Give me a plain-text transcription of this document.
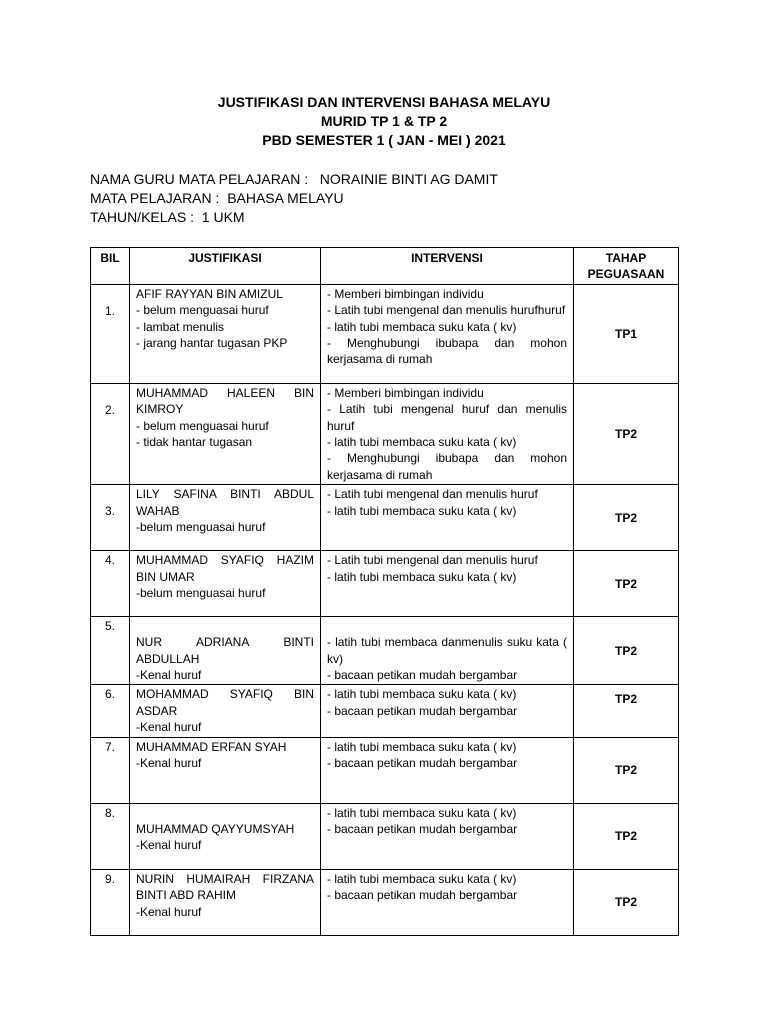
JUSTIFIKASI DAN INTERVENSI BAHASA MELAYU
MURID TP 1 & TP 2
PBD SEMESTER 1 ( JAN - MEI ) 2021
NAMA GURU MATA PELAJARAN : NORAINIE BINTI AG DAMIT
MATA PELAJARAN : BAHASA MELAYU
TAHUN/KELAS : 1 UKM
BIL	JUSTIFIKASI	INTERVENSI	TAHAP PEGUASAAN
1.	AFIF RAYYAN BIN AMIZUL
- belum menguasai huruf
- lambat menulis
- jarang hantar tugasan PKP	- Memberi bimbingan individu
- Latih tubi mengenal dan menulis hurufhuruf
- latih tubi membaca suku kata ( kv)
- Menghubungi ibubapa dan mohon kerjasama di rumah	TP1
2.	MUHAMMAD HALEEN BIN KIMROY
- belum menguasai huruf
- tidak hantar tugasan	- Memberi bimbingan individu
- Latih tubi mengenal huruf dan menulis huruf
- latih tubi membaca suku kata ( kv)
- Menghubungi ibubapa dan mohon kerjasama di rumah	TP2
3.	LILY SAFINA BINTI ABDUL WAHAB
-belum menguasai huruf	- Latih tubi mengenal dan menulis huruf
- latih tubi membaca suku kata ( kv)	TP2
4.	MUHAMMAD SYAFIQ HAZIM BIN UMAR
-belum menguasai huruf	- Latih tubi mengenal dan menulis huruf
- latih tubi membaca suku kata ( kv)	TP2
5.	NUR ADRIANA BINTI ABDULLAH
-Kenal huruf	- latih tubi membaca danmenulis suku kata ( kv)
- bacaan petikan mudah bergambar	TP2
6.	MOHAMMAD SYAFIQ BIN ASDAR
-Kenal huruf	- latih tubi membaca suku kata ( kv)
- bacaan petikan mudah bergambar	TP2
7.	MUHAMMAD ERFAN SYAH
-Kenal huruf	- latih tubi membaca suku kata ( kv)
- bacaan petikan mudah bergambar	TP2
8.	MUHAMMAD QAYYUMSYAH
-Kenal huruf	- latih tubi membaca suku kata ( kv)
- bacaan petikan mudah bergambar	TP2
9.	NURIN HUMAIRAH FIRZANA BINTI ABD RAHIM
-Kenal huruf	- latih tubi membaca suku kata ( kv)
- bacaan petikan mudah bergambar	TP2
